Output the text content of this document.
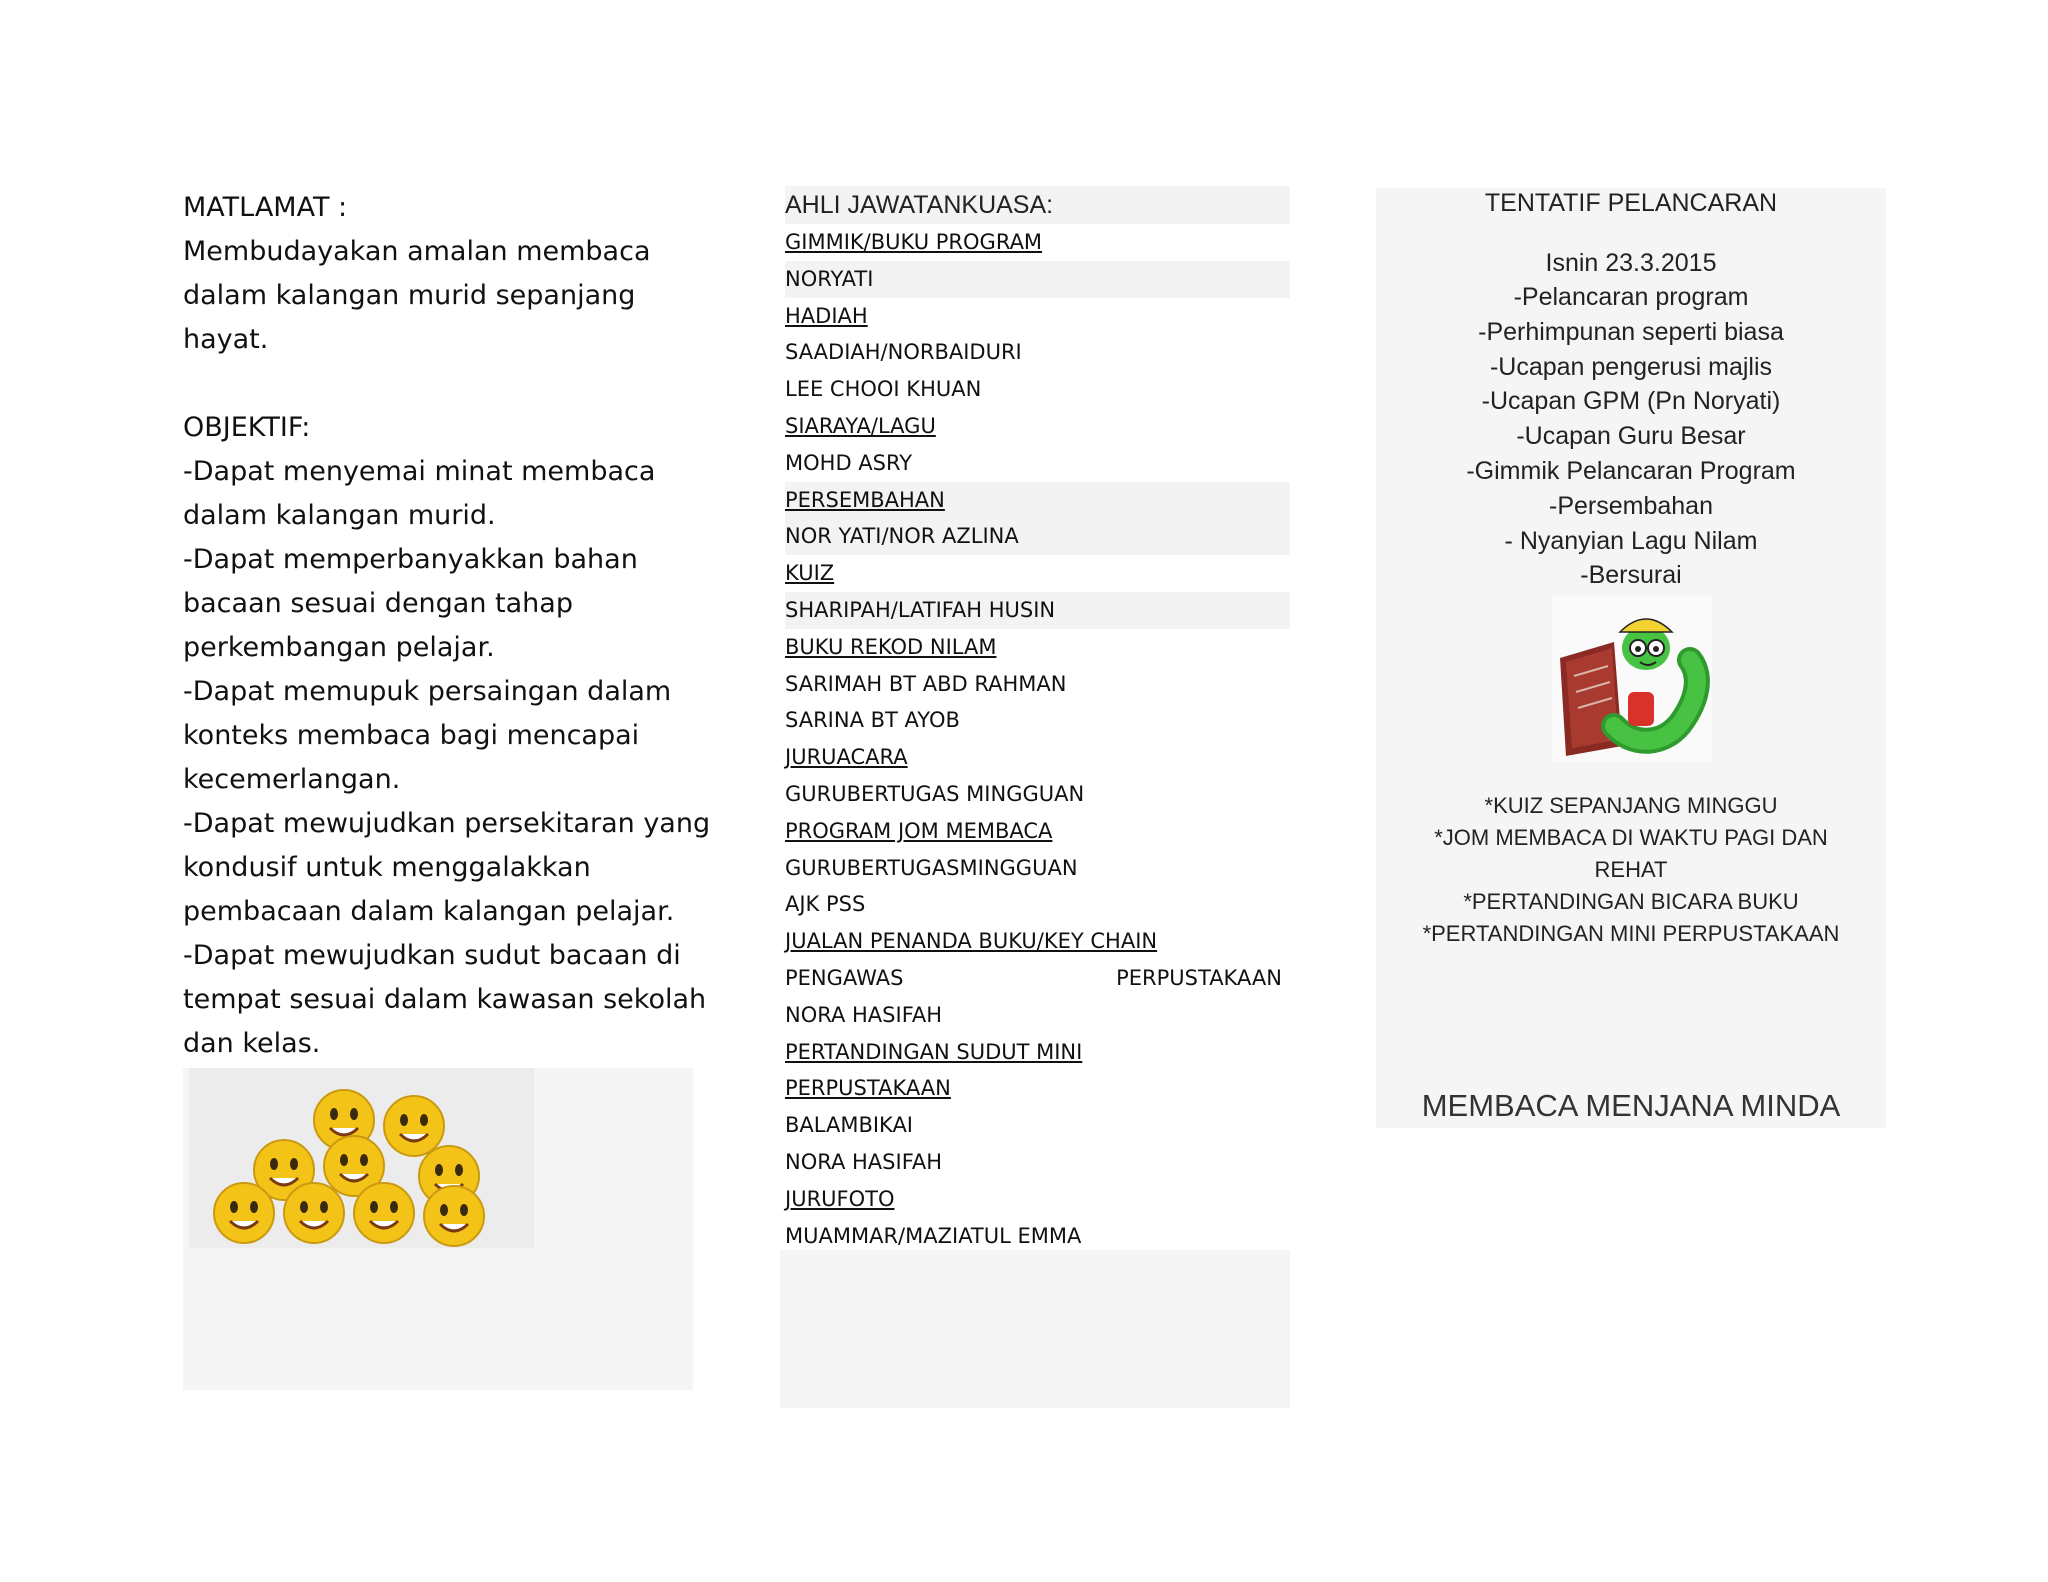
MATLAMAT :
Membudayakan amalan membaca
dalam kalangan murid sepanjang
hayat.
OBJEKTIF:
-Dapat menyemai minat membaca
dalam kalangan murid.
-Dapat memperbanyakkan bahan
bacaan sesuai dengan tahap
perkembangan pelajar.
-Dapat memupuk persaingan dalam
konteks membaca bagi mencapai
kecemerlangan.
-Dapat mewujudkan persekitaran yang
kondusif untuk menggalakkan
pembacaan dalam kalangan pelajar.
-Dapat mewujudkan sudut bacaan di
tempat sesuai dalam kawasan sekolah
dan kelas.
AHLI JAWATANKUASA:
GIMMIK/BUKU PROGRAM
NORYATI
HADIAH
SAADIAH/NORBAIDURI
LEE CHOOI KHUAN
SIARAYA/LAGU
MOHD ASRY
PERSEMBAHAN
NOR YATI/NOR AZLINA
KUIZ
SHARIPAH/LATIFAH HUSIN
BUKU REKOD NILAM
SARIMAH BT ABD RAHMAN
SARINA BT AYOB
JURUACARA
GURUBERTUGAS MINGGUAN
PROGRAM JOM MEMBACA
GURUBERTUGASMINGGUAN
AJK PSS
JUALAN PENANDA BUKU/KEY CHAIN
PENGAWAS	PERPUSTAKAAN
NORA HASIFAH
PERTANDINGAN SUDUT MINI
PERPUSTAKAAN
BALAMBIKAI
NORA HASIFAH
JURUFOTO
MUAMMAR/MAZIATUL EMMA
TENTATIF PELANCARAN
Isnin 23.3.2015
-Pelancaran program
-Perhimpunan seperti biasa
-Ucapan pengerusi majlis
-Ucapan GPM (Pn Noryati)
-Ucapan Guru Besar
-Gimmik Pelancaran Program
-Persembahan
- Nyanyian Lagu Nilam
-Bersurai
*KUIZ SEPANJANG MINGGU
*JOM MEMBACA DI WAKTU PAGI DAN
REHAT
*PERTANDINGAN BICARA BUKU
*PERTANDINGAN MINI PERPUSTAKAAN
MEMBACA MENJANA MINDA
